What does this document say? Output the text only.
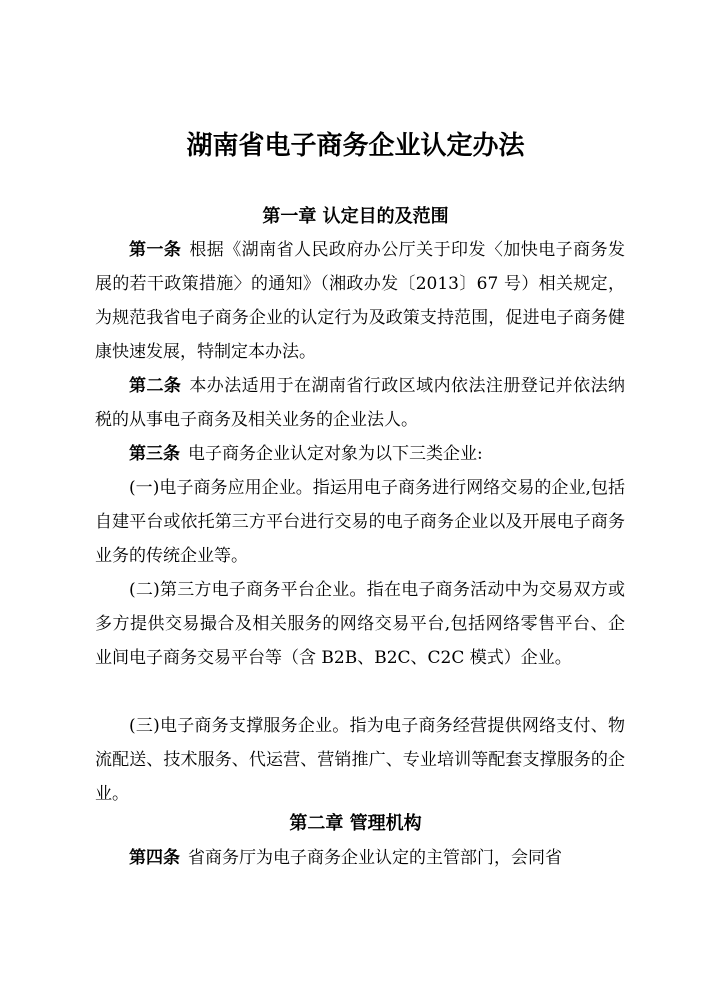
湖南省电子商务企业认定办法
第一章 认定目的及范围
第一条 根据《湖南省人民政府办公厅关于印发〈加快电子商务发展的若干政策措施〉的通知》（湘政办发〔2013〕67 号）相关规定，为规范我省电子商务企业的认定行为及政策支持范围，促进电子商务健康快速发展，特制定本办法。
第二条 本办法适用于在湖南省行政区域内依法注册登记并依法纳税的从事电子商务及相关业务的企业法人。
第三条 电子商务企业认定对象为以下三类企业:
(一)电子商务应用企业。指运用电子商务进行网络交易的企业,包括自建平台或依托第三方平台进行交易的电子商务企业以及开展电子商务业务的传统企业等。
(二)第三方电子商务平台企业。指在电子商务活动中为交易双方或多方提供交易撮合及相关服务的网络交易平台,包括网络零售平台、企业间电子商务交易平台等（含 B2B、B2C、C2C 模式）企业。
(三)电子商务支撑服务企业。指为电子商务经营提供网络支付、物流配送、技术服务、代运营、营销推广、专业培训等配套支撑服务的企业。
第二章 管理机构
第四条 省商务厅为电子商务企业认定的主管部门，会同省
